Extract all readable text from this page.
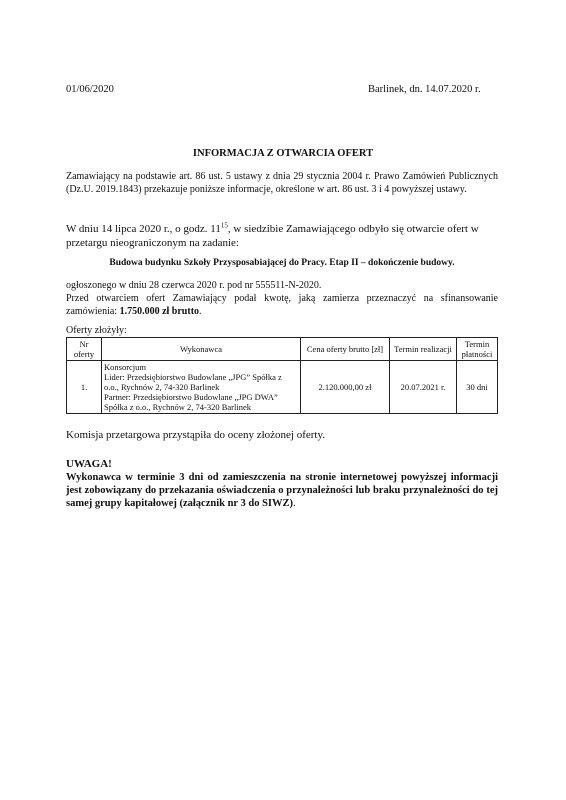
01/06/2020	Barlinek, dn. 14.07.2020 r.
INFORMACJA Z OTWARCIA OFERT
Zamawiający na podstawie art. 86 ust. 5 ustawy z dnia 29 stycznia 2004 r. Prawo Zamówień Publicznych (Dz.U. 2019.1843) przekazuje poniższe informacje, określone w art. 86 ust. 3 i 4 powyższej ustawy.
W dniu 14 lipca 2020 r., o godz. $11^{15}$, w siedzibie Zamawiającego odbyło się otwarcie ofert w przetargu nieograniczonym na zadanie:
Budowa budynku Szkoły Przysposabiającej do Pracy. Etap II – dokończenie budowy.
ogłoszonego w dniu 28 czerwca 2020 r. pod nr 555511-N-2020.
Przed otwarciem ofert Zamawiający podał kwotę, jaką zamierza przeznaczyć na sfinansowanie zamówienia: 1.750.000 zł brutto.
Oferty złożyły:
Nr oferty	Wykonawca	Cena oferty brutto [zł]	Termin realizacji	Termin płatności
1.	Konsorcjum
Lider: Przedsiębiorstwo Budowlane „JPG” Spółka z o.o., Rychnów 2, 74-320 Barlinek
Partner: Przedsiębiorstwo Budowlane „JPG DWA” Spółka z o.o., Rychnów 2, 74-320 Barlinek	2.120.000,00 zł	20.07.2021 r.	30 dni
Komisja przetargowa przystąpiła do oceny złożonej oferty.
UWAGA!
Wykonawca w terminie 3 dni od zamieszczenia na stronie internetowej powyższej informacji jest zobowiązany do przekazania oświadczenia o przynależności lub braku przynależności do tej samej grupy kapitałowej (załącznik nr 3 do SIWZ).
